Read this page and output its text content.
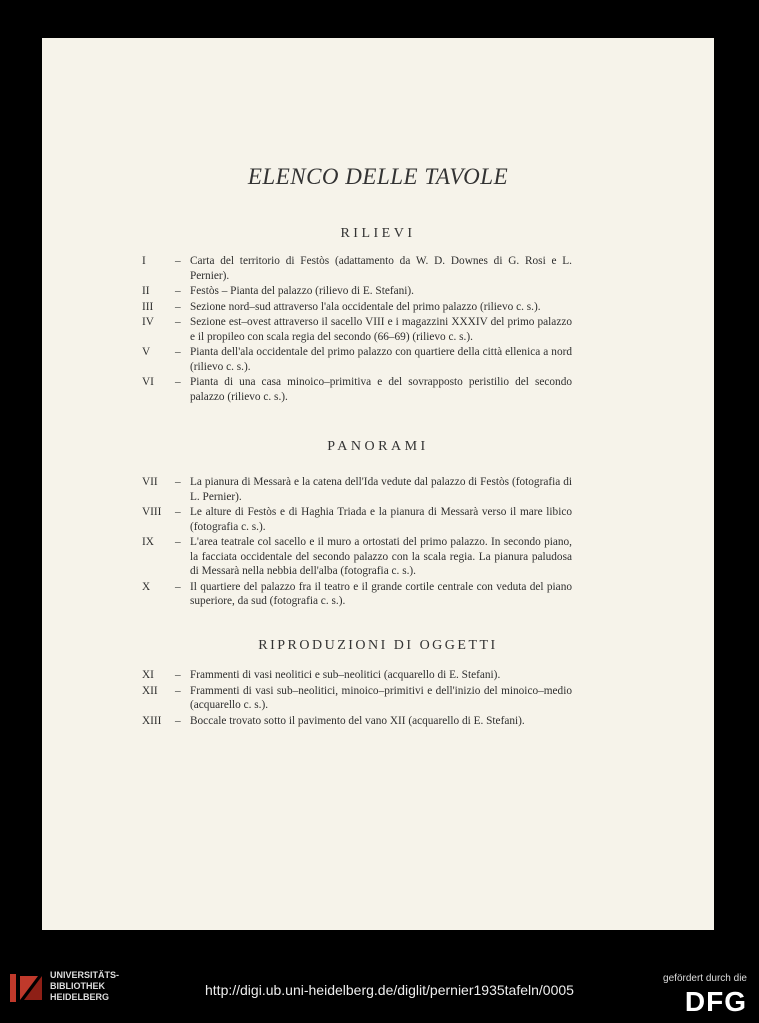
ELENCO DELLE TAVOLE
RILIEVI
I	– Carta del territorio di Festòs (adattamento da W. D. Downes di G. Rosi e L. Pernier).
II	– Festòs – Pianta del palazzo (rilievo di E. Stefani).
III	– Sezione nord–sud attraverso l'ala occidentale del primo palazzo (rilievo c. s.).
IV	– Sezione est–ovest attraverso il sacello VIII e i magazzini XXXIV del primo palazzo e il propileo con scala regia del secondo (66–69) (rilievo c. s.).
V	– Pianta dell'ala occidentale del primo palazzo con quartiere della città ellenica a nord (rilievo c. s.).
VI	– Pianta di una casa minoico–primitiva e del sovrapposto peristilio del secondo palazzo (rilievo c. s.).
PANORAMI
VII	– La pianura di Messarà e la catena dell'Ida vedute dal palazzo di Festòs (fotografia di L. Pernier).
VIII	– Le alture di Festòs e di Haghia Triada e la pianura di Messarà verso il mare libico (fotografia c. s.).
IX	– L'area teatrale col sacello e il muro a ortostati del primo palazzo. In secondo piano, la facciata occidentale del secondo palazzo con la scala regia. La pianura paludosa di Messarà nella nebbia dell'alba (fotografia c. s.).
X	– Il quartiere del palazzo fra il teatro e il grande cortile centrale con veduta del piano superiore, da sud (fotografia c. s.).
RIPRODUZIONI DI OGGETTI
XI	– Frammenti di vasi neolitici e sub–neolitici (acquarello di E. Stefani).
XII	– Frammenti di vasi sub–neolitici, minoico–primitivi e dell'inizio del minoico–medio (acquarello c. s.).
XIII	– Boccale trovato sotto il pavimento del vano XII (acquarello di E. Stefani).
UNIVERSITÄTS-
BIBLIOTHEK
HEIDELBERG	http://digi.ub.uni-heidelberg.de/diglit/pernier1935tafeln/0005
gefördert durch die
DFG
